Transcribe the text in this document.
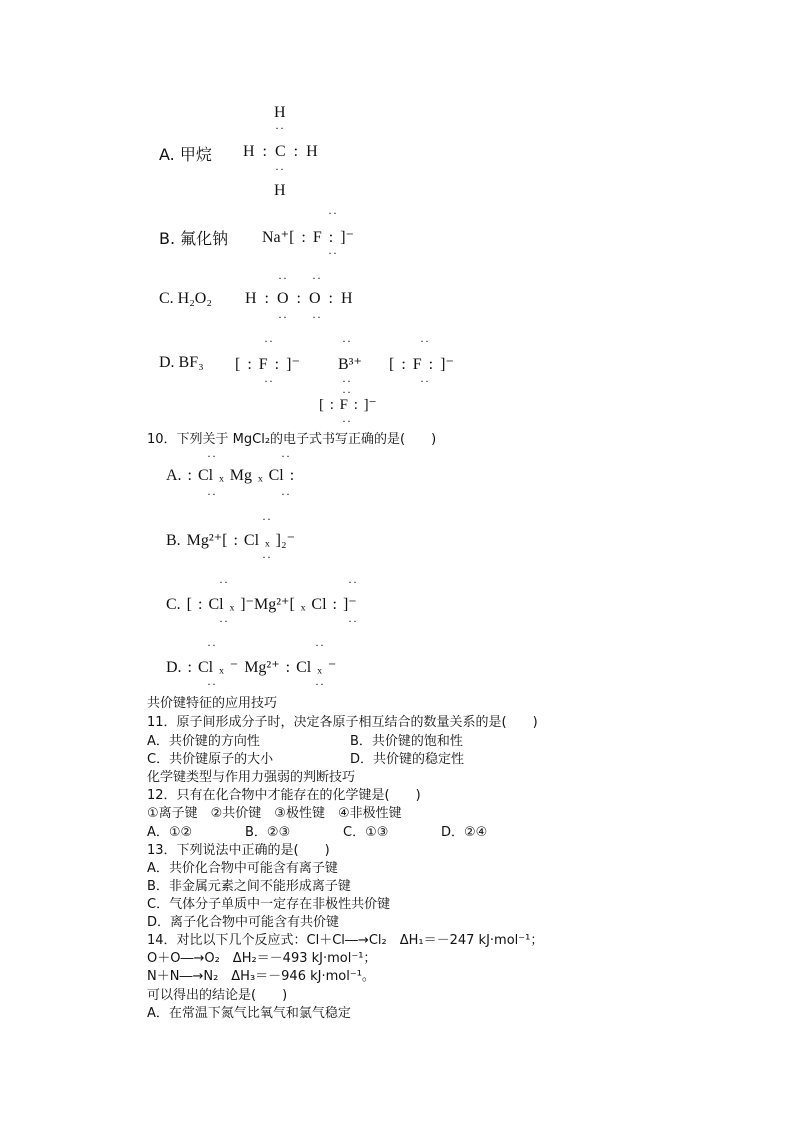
H
··
A. 甲烷 H : C : H
··
H
··
B. 氟化钠 Na⁺[ : F : ]⁻
··
·· ··
C. H₂O₂ H : O : O : H
·· ··
··	··	··
D. BF₃ [ : F : ]⁻ B³⁺ [ : F : ]⁻
··	··	··
··
[ : F : ]⁻
··
10．下列关于 MgCl₂的电子式书写正确的是(　　)
··	··
A. : Cl ₓ Mg ₓ Cl :
··	··
··
B. Mg²⁺[ : Cl ₓ ]₂⁻
··
··	··
C. [ : Cl ₓ ]⁻Mg²⁺[ ₓ Cl : ]⁻
··	··
··	··
D. : Cl ₓ ⁻ Mg²⁺ : Cl ₓ ⁻
··	··
共价键特征的应用技巧
11．原子间形成分子时，决定各原子相互结合的数量关系的是(　　)
A．共价键的方向性	B．共价键的饱和性
C．共价键原子的大小	D．共价键的稳定性
化学键类型与作用力强弱的判断技巧
12．只有在化合物中才能存在的化学键是(　　)
①离子键　②共价键　③极性键　④非极性键
A．①②	B．②③	C．①③	D．②④
13．下列说法中正确的是(　　)
A．共价化合物中可能含有离子键
B．非金属元素之间不能形成离子键
C．气体分子单质中一定存在非极性共价键
D．离子化合物中可能含有共价键
14．对比以下几个反应式：Cl＋Cl―→Cl₂　ΔH₁＝－247 kJ·mol⁻¹；
O＋O―→O₂　ΔH₂＝－493 kJ·mol⁻¹；
N＋N―→N₂　ΔH₃＝－946 kJ·mol⁻¹。
可以得出的结论是(　　)
A．在常温下氮气比氧气和氯气稳定
